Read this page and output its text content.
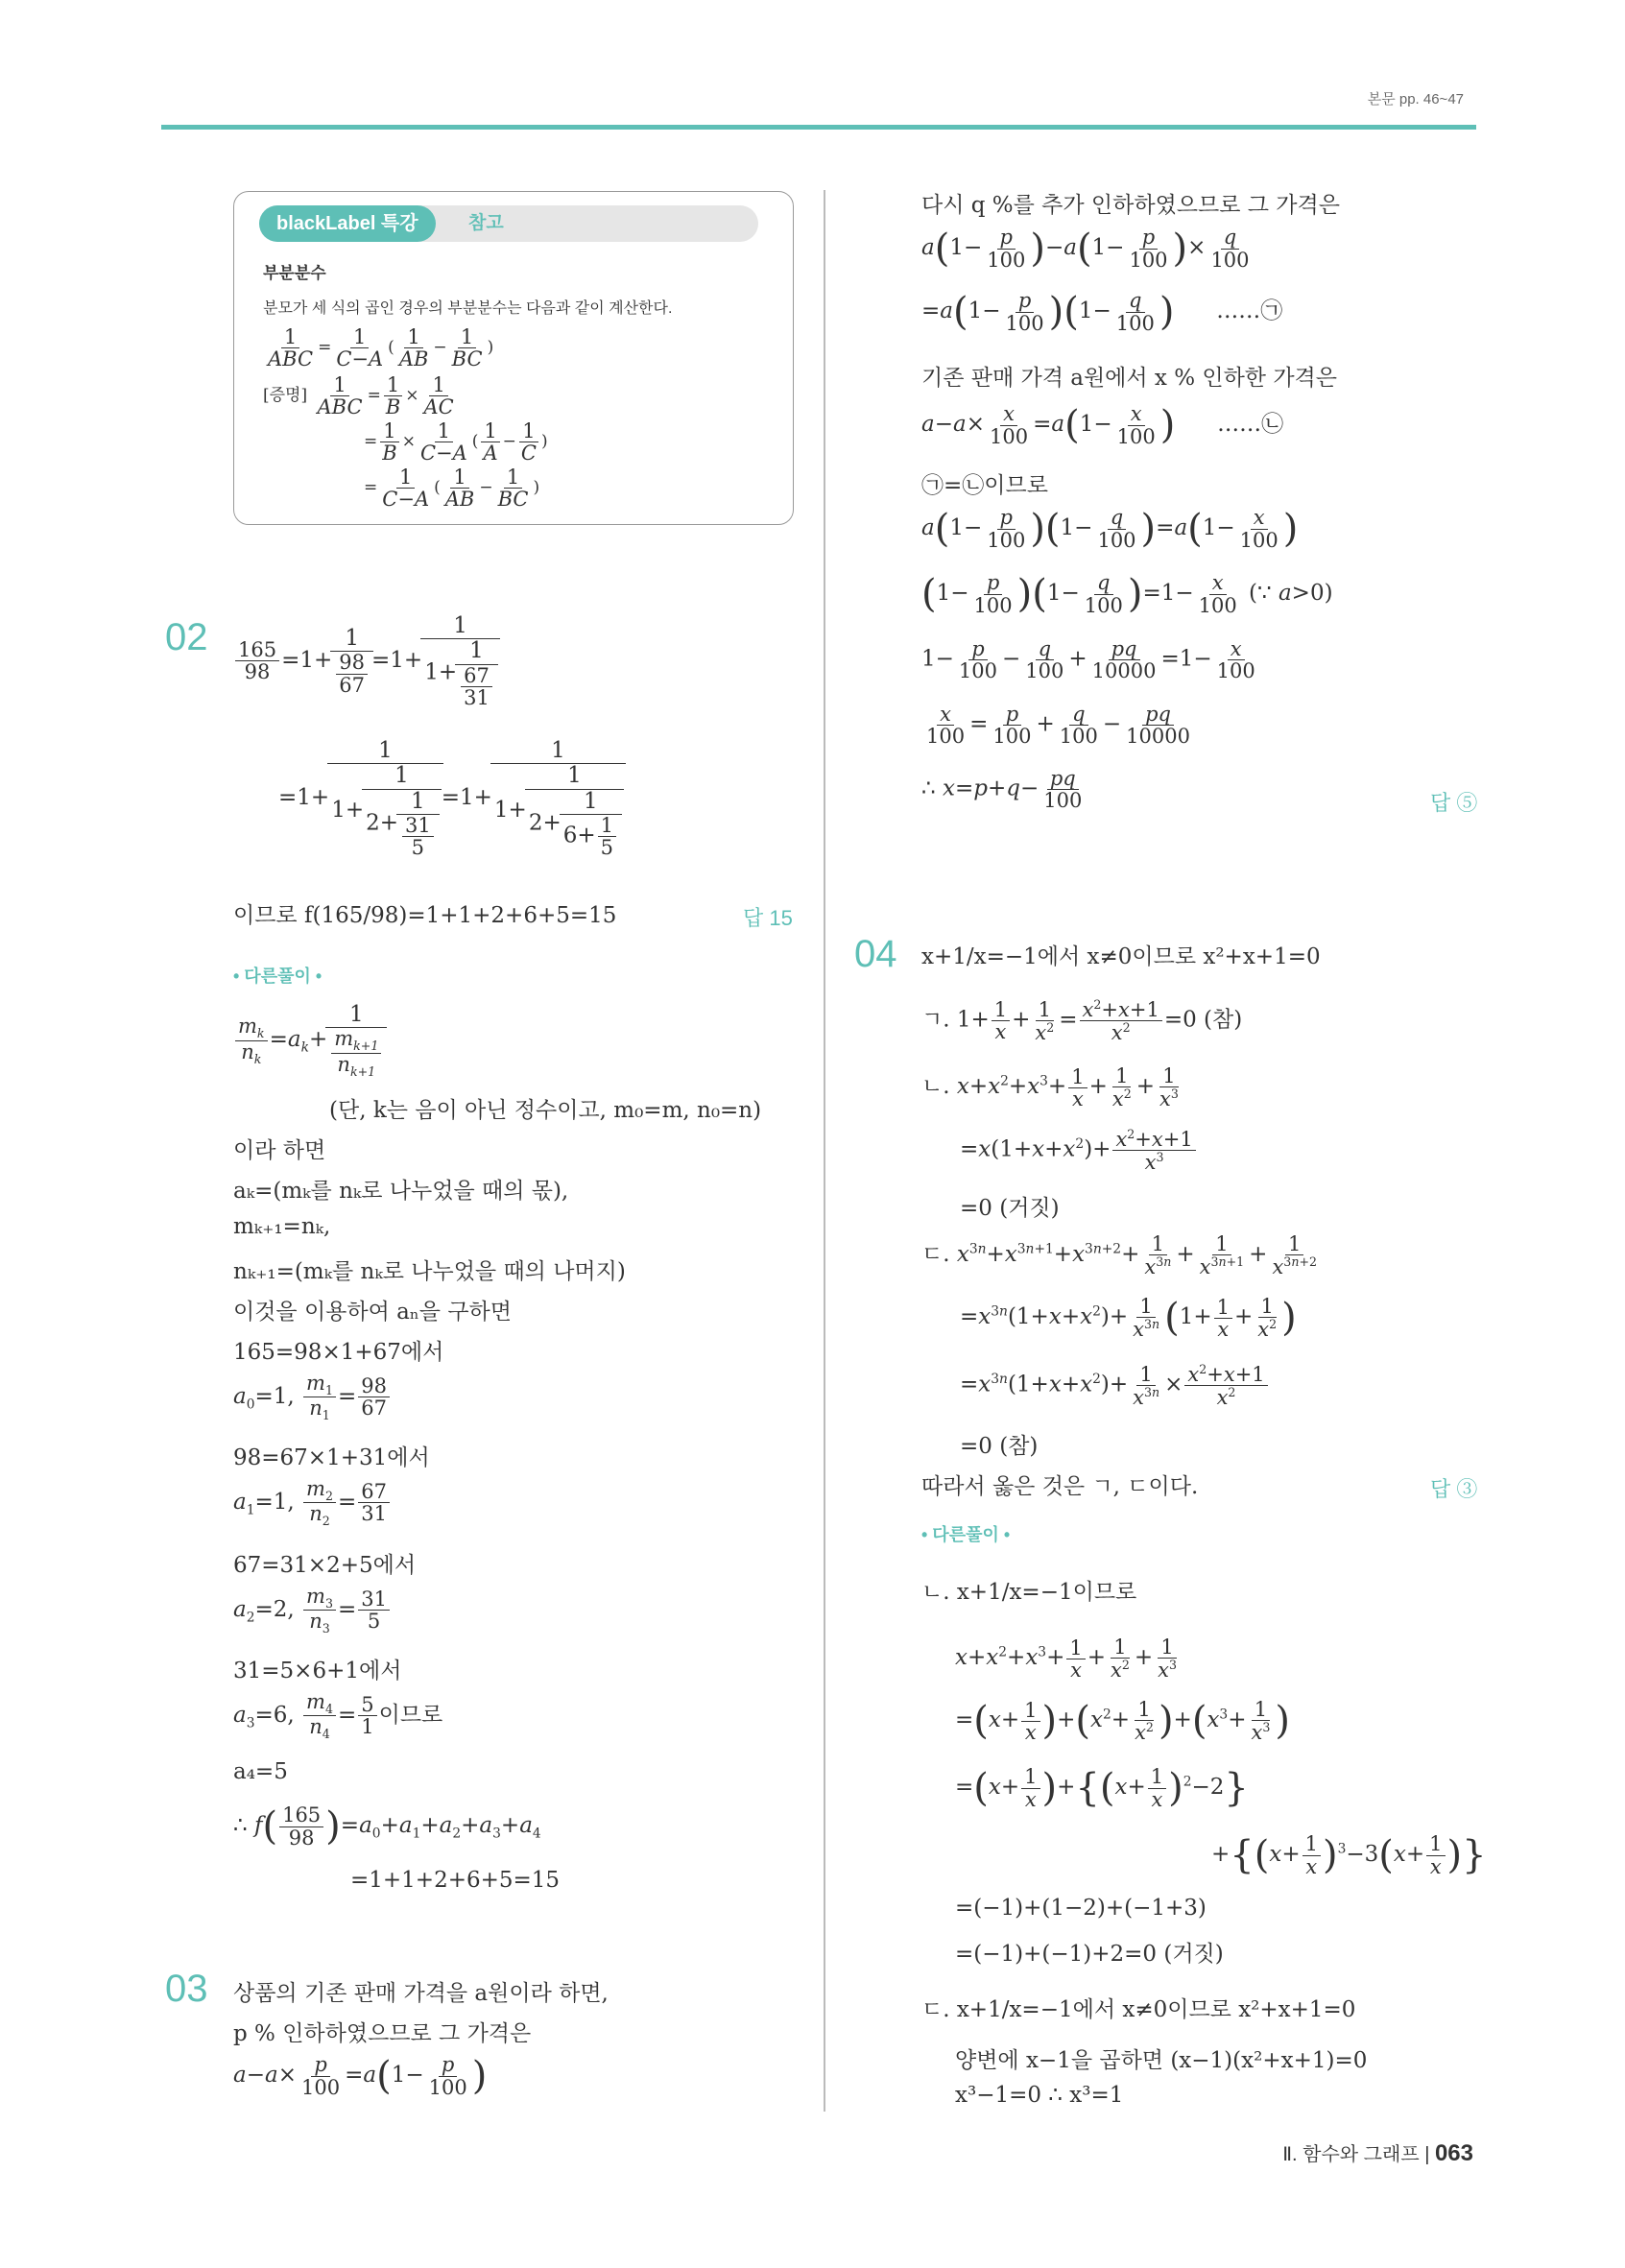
본문 pp. 46~47
blackLabel 특강	참고
부분분수
분모가 세 식의 곱인 경우의 부분분수는 다음과 같이 계산한다.
$\frac{1}{\text{ABC}} = \frac{1}{C-A}$ ( $\frac{1}{AB} - \frac{1}{BC}$ )
[증명] $\frac{1}{\text{ABC}} = \frac{1}{B} \times \frac{1}{AC}$
= $\frac{1}{B} \times \frac{1}{C-A}$ ( $\frac{1}{A} - \frac{1}{C}$ )
= $\frac{1}{C-A}$ ( $\frac{1}{AB} - \frac{1}{BC}$ )
02
$\frac{165}{98} =1+ \frac{1}{\frac{98}{67}} =1+ \frac{1}{1+ \frac{1}{\frac{67}{31}}}$
$=1+ \frac{1}{1+ \frac{1}{2+ \frac{1}{\frac{31}{5}}}} =1+ \frac{1}{1+ \frac{1}{2+ \frac{1}{6+ \frac{1}{5}}}}$
이므로 f(165/98)=1+1+2+6+5=15	답 15
• 다른풀이 •
$\frac{m_k}{n_k} =a_k+ \frac{1}{\frac{m_{k+1}}{n_{k+1}}}$
(단, k는 음이 아닌 정수이고, m₀=m, n₀=n)
이라 하면
aₖ=(mₖ를 nₖ로 나누었을 때의 몫),
mₖ₊₁=nₖ,
nₖ₊₁=(mₖ를 nₖ로 나누었을 때의 나머지)
이것을 이용하여 aₙ을 구하면
165=98×1+67에서
$a_0=1$, $\frac{m_1}{n_1} = \frac{98}{67}$
98=67×1+31에서
$a_1=1$, $\frac{m_2}{n_2} = \frac{67}{31}$
67=31×2+5에서
$a_2=2$, $\frac{m_3}{n_3} = \frac{31}{5}$
31=5×6+1에서
$a_3=6$, $\frac{m_4}{n_4} = \frac{5}{1}$ 이므로
a₄=5
∴ $f( \frac{165}{98} )=a_0+a_1+a_2+a_3+a_4$
=1+1+2+6+5=15
03 상품의 기존 판매 가격을 a원이라 하면,
p % 인하하였으므로 그 가격은
$a-a\times \frac{p}{100} =a(1- \frac{p}{100}$ )
다시 q %를 추가 인하하였으므로 그 가격은
$a(1- \frac{p}{100} )-a(1- \frac{p}{100}$ )× $\frac{q}{100}$
$=a(1- \frac{p}{100} )(1- \frac{q}{100}$ )      ……㉠
기존 판매 가격 a원에서 x % 인하한 가격은
$a-a\times \frac{x}{100} =a(1- \frac{x}{100}$ )      ……㉡
㉠=㉡이므로
$a(1- \frac{p}{100} )(1- \frac{q}{100} )=a(1- \frac{x}{100}$ )
$(1- \frac{p}{100} )(1- \frac{q}{100} )=1- \frac{x}{100}$ (∵ a>0)
$1- \frac{p}{100} - \frac{q}{100} + \frac{pq}{10000} =1- \frac{x}{100}$
$\frac{x}{100} = \frac{p}{100} + \frac{q}{100} - \frac{pq}{10000}$
∴ $x=p+q- \frac{pq}{100}$	답 ⑤
04 x+1/x=−1에서 x≠0이므로 x²+x+1=0
ㄱ. $1+ \frac{1}{x} + \frac{1}{x^2} = \frac{x^2+x+1}{x^2} =0$ (참)
ㄴ. $x+x^2+x^3+ \frac{1}{x} + \frac{1}{x^2} + \frac{1}{x^3}$
$=x(1+x+x^2)+ \frac{x^2+x+1}{x^3}$
=0 (거짓)
ㄷ. $x^{3n}+x^{3n+1}+x^{3n+2}+ \frac{1}{x^{3n}} + \frac{1}{x^{3n+1}} + \frac{1}{x^{3n+2}}$
$=x^{3n}(1+x+x^2)+ \frac{1}{x^{3n}} (1+ \frac{1}{x} + \frac{1}{x^2}$ )
$=x^{3n}(1+x+x^2)+ \frac{1}{x^{3n}} \times \frac{x^2+x+1}{x^2}$
=0 (참)
따라서 옳은 것은 ㄱ, ㄷ이다.	답 ③
• 다른풀이 •
ㄴ. x+1/x=−1이므로
$x+x^2+x^3+ \frac{1}{x} + \frac{1}{x^2} + \frac{1}{x^3}$
$=(x+ \frac{1}{x} )+(x^2+ \frac{1}{x^2} )+(x^3+ \frac{1}{x^3}$ )
$=(x+ \frac{1}{x} )+\{(x+ \frac{1}{x} )^2-2\}$
$+\{(x+ \frac{1}{x} )^3-3(x+ \frac{1}{x}$ )}
=(−1)+(1−2)+(−1+3)
=(−1)+(−1)+2=0 (거짓)
ㄷ. x+1/x=−1에서 x≠0이므로 x²+x+1=0
양변에 x−1을 곱하면 (x−1)(x²+x+1)=0
x³−1=0 ∴ x³=1
Ⅱ. 함수와 그래프 | 063
